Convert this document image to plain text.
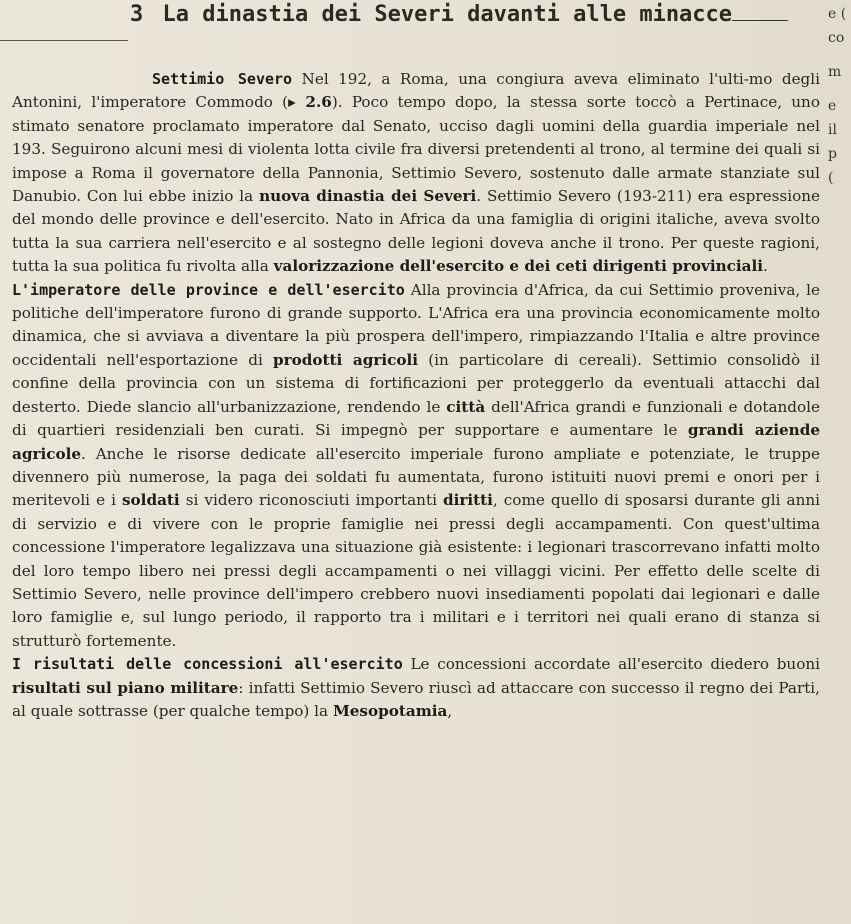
3 La dinastia dei Severi davanti alle minacce	e (
co
m
e
il
p
(

Settimio Severo Nel 192, a Roma, una congiura aveva eliminato l'ulti-mo degli Antonini, l'imperatore Commodo (▸ 2.6). Poco tempo dopo, la stessa sorte toccò a Pertinace, uno stimato senatore proclamato imperatore dal Senato, ucciso dagli uomini della guardia imperiale nel 193. Seguirono alcuni mesi di violenta lotta civile fra diversi pretendenti al trono, al termine dei quali si impose a Roma il governatore della Pannonia, Settimio Severo, sostenuto dalle armate stanziate sul Danubio. Con lui ebbe inizio la nuova dinastia dei Severi. Settimio Severo (193-211) era espressione del mondo delle province e dell'esercito. Nato in Africa da una famiglia di origini italiche, aveva svolto tutta la sua carriera nell'esercito e al sostegno delle legioni doveva anche il trono. Per queste ragioni, tutta la sua politica fu rivolta alla valorizzazione dell'esercito e dei ceti dirigenti provinciali.

L'imperatore delle province e dell'esercito Alla provincia d'Africa, da cui Settimio proveniva, le politiche dell'imperatore furono di grande supporto. L'Africa era una provincia economicamente molto dinamica, che si avviava a diventare la più prospera dell'impero, rimpiazzando l'Italia e altre province occidentali nell'esportazione di prodotti agricoli (in particolare di cereali). Settimio consolidò il confine della provincia con un sistema di fortificazioni per proteggerlo da eventuali attacchi dal desterto. Diede slancio all'urbanizzazione, rendendo le città dell'Africa grandi e funzionali e dotandole di quartieri residenziali ben curati. Si impegnò per supportare e aumentare le grandi aziende agricole. Anche le risorse dedicate all'esercito imperiale furono ampliate e potenziate, le truppe divennero più numerose, la paga dei soldati fu aumentata, furono istituiti nuovi premi e onori per i meritevoli e i soldati si videro riconosciuti importanti diritti, come quello di sposarsi durante gli anni di servizio e di vivere con le proprie famiglie nei pressi degli accampamenti. Con quest'ultima concessione l'imperatore legalizzava una situazione già esistente: i legionari trascorrevano infatti molto del loro tempo libero nei pressi degli accampamenti o nei villaggi vicini. Per effetto delle scelte di Settimio Severo, nelle province dell'impero crebbero nuovi insediamenti popolati dai legionari e dalle loro famiglie e, sul lungo periodo, il rapporto tra i militari e i territori nei quali erano di stanza si strutturò fortemente.

I risultati delle concessioni all'esercito Le concessioni accordate all'esercito diedero buoni risultati sul piano militare: infatti Settimio Severo riuscì ad attaccare con successo il regno dei Parti, al quale sottrasse (per qualche tempo) la Mesopotamia,
